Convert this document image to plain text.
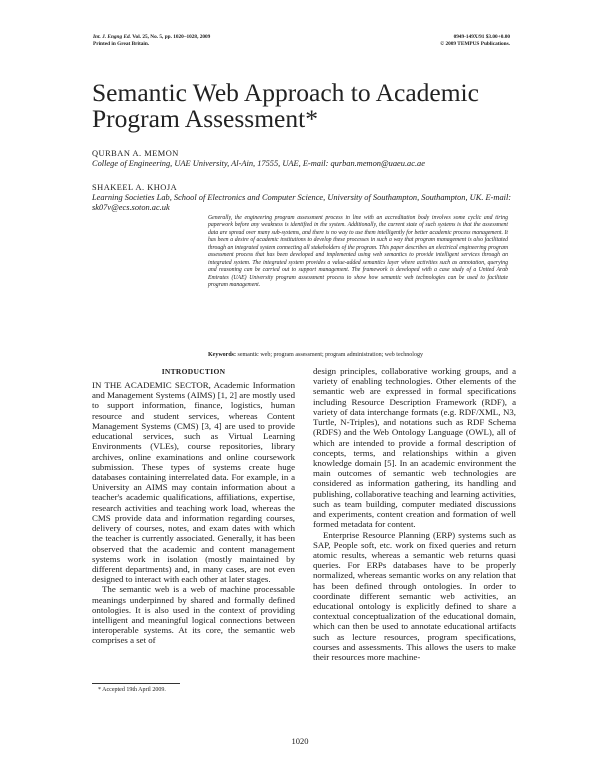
Int. J. Engng Ed. Vol. 25, No. 5, pp. 1020–1028, 2009
Printed in Great Britain.
0949-149X/91 $3.00+0.00
© 2009 TEMPUS Publications.
Semantic Web Approach to Academic Program Assessment*
QURBAN A. MEMON
College of Engineering, UAE University, Al-Ain, 17555, UAE, E-mail: qurban.memon@uaeu.ac.ae
SHAKEEL A. KHOJA
Learning Societies Lab, School of Electronics and Computer Science, University of Southampton, Southampton, UK. E-mail: sk07v@ecs.soton.ac.uk

Generally, the engineering program assessment process in line with an accreditation body involves some cyclic and tiring paperwork before any weakness is identified in the system. Additionally, the current state of such systems is that the assessment data are spread over many sub-systems, and there is no way to use them intelligently for better academic process management. It has been a desire of academic institutions to develop these processes in such a way that program management is also facilitated through an integrated system connecting all stakeholders of the program. This paper describes an electrical engineering program assessment process that has been developed and implemented using web semantics to provide intelligent services through an integrated system. The integrated system provides a value-added semantics layer where activities such as annotation, querying and reasoning can be carried out to support management. The framework is developed with a case study of a United Arab Emirates (UAE) University program assessment process to show how semantic web technologies can be used to facilitate program management.

Keywords: semantic web; program assessment; program administration; web technology
INTRODUCTION

IN THE ACADEMIC SECTOR, Academic Information and Management Systems (AIMS) [1, 2] are mostly used to support information, finance, logistics, human resource and student services, whereas Content Management Systems (CMS) [3, 4] are used to provide educational services, such as Virtual Learning Environments (VLEs), course repositories, library archives, online examinations and online coursework submission. These types of systems create huge databases containing interrelated data. For example, in a University an AIMS may contain information about a teacher's academic qualifications, affiliations, expertise, research activities and teaching work load, whereas the CMS provide data and information regarding courses, delivery of courses, notes, and exam dates with which the teacher is currently associated. Generally, it has been observed that the academic and content management systems work in isolation (mostly maintained by different departments) and, in many cases, are not even designed to interact with each other at later stages.

The semantic web is a web of machine processable meanings underpinned by shared and formally defined ontologies. It is also used in the context of providing intelligent and meaningful logical connections between interoperable systems. At its core, the semantic web comprises a set of

design principles, collaborative working groups, and a variety of enabling technologies. Other elements of the semantic web are expressed in formal specifications including Resource Description Framework (RDF), a variety of data interchange formats (e.g. RDF/XML, N3, Turtle, N-Triples), and notations such as RDF Schema (RDFS) and the Web Ontology Language (OWL), all of which are intended to provide a formal description of concepts, terms, and relationships within a given knowledge domain [5]. In an academic environment the main outcomes of semantic web technologies are considered as information gathering, its handling and publishing, collaborative teaching and learning activities, such as team building, computer mediated discussions and experiments, content creation and formation of well formed metadata for content.

Enterprise Resource Planning (ERP) systems such as SAP, People soft, etc. work on fixed queries and return atomic results, whereas a semantic web returns quasi queries. For ERPs databases have to be properly normalized, whereas semantic works on any relation that has been defined through ontologies. In order to coordinate different semantic web activities, an educational ontology is explicitly defined to share a contextual conceptualization of the educational domain, which can then be used to annotate educational artifacts such as lecture resources, program specifications, courses and assessments. This allows the users to make their resources more machine-

* Accepted 19th April 2009.
1020
